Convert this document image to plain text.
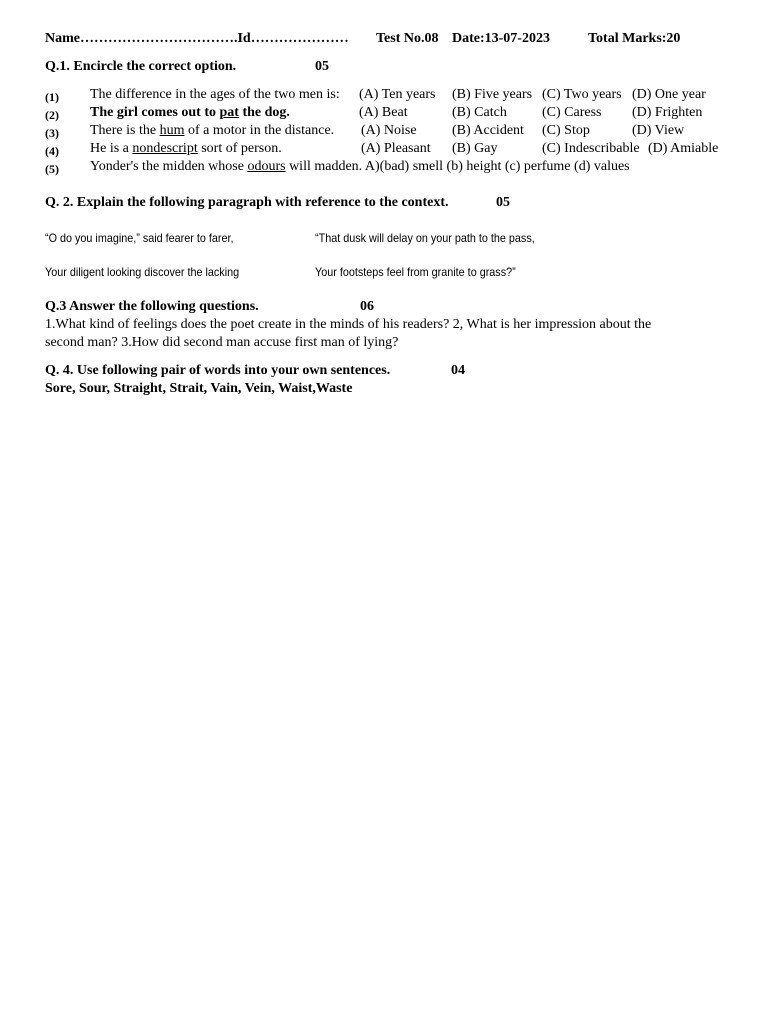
Name…………………………….Id………………… Test No.08 Date:13-07-2023	Total Marks:20
Q.1. Encircle the correct option.	05
(1) The difference in the ages of the two men is: (A) Ten years (B) Five years (C) Two years (D) One year
(2) The girl comes out to pat the dog.	(A) Beat	(B) Catch	(C) Caress (D) Frighten
(3) There is the hum of a motor in the distance. (A) Noise	(B) Accident (C) Stop	(D) View
(4) He is a nondescript sort of person.	(A) Pleasant (B) Gay	(C) Indescribable (D) Amiable
(5) Yonder's the midden whose odours will madden. A)(bad) smell (b) height (c) perfume (d) values
Q. 2. Explain the following paragraph with reference to the context.	05
“O do you imagine,” said fearer to farer,	“That dusk will delay on your path to the pass,
Your diligent looking discover the lacking	Your footsteps feel from granite to grass?”
Q.3 Answer the following questions.	06
1.What kind of feelings does the poet create in the minds of his readers? 2, What is her impression about the
second man? 3.How did second man accuse first man of lying?
Q. 4. Use following pair of words into your own sentences.	04
Sore, Sour, Straight, Strait, Vain, Vein, Waist,Waste
